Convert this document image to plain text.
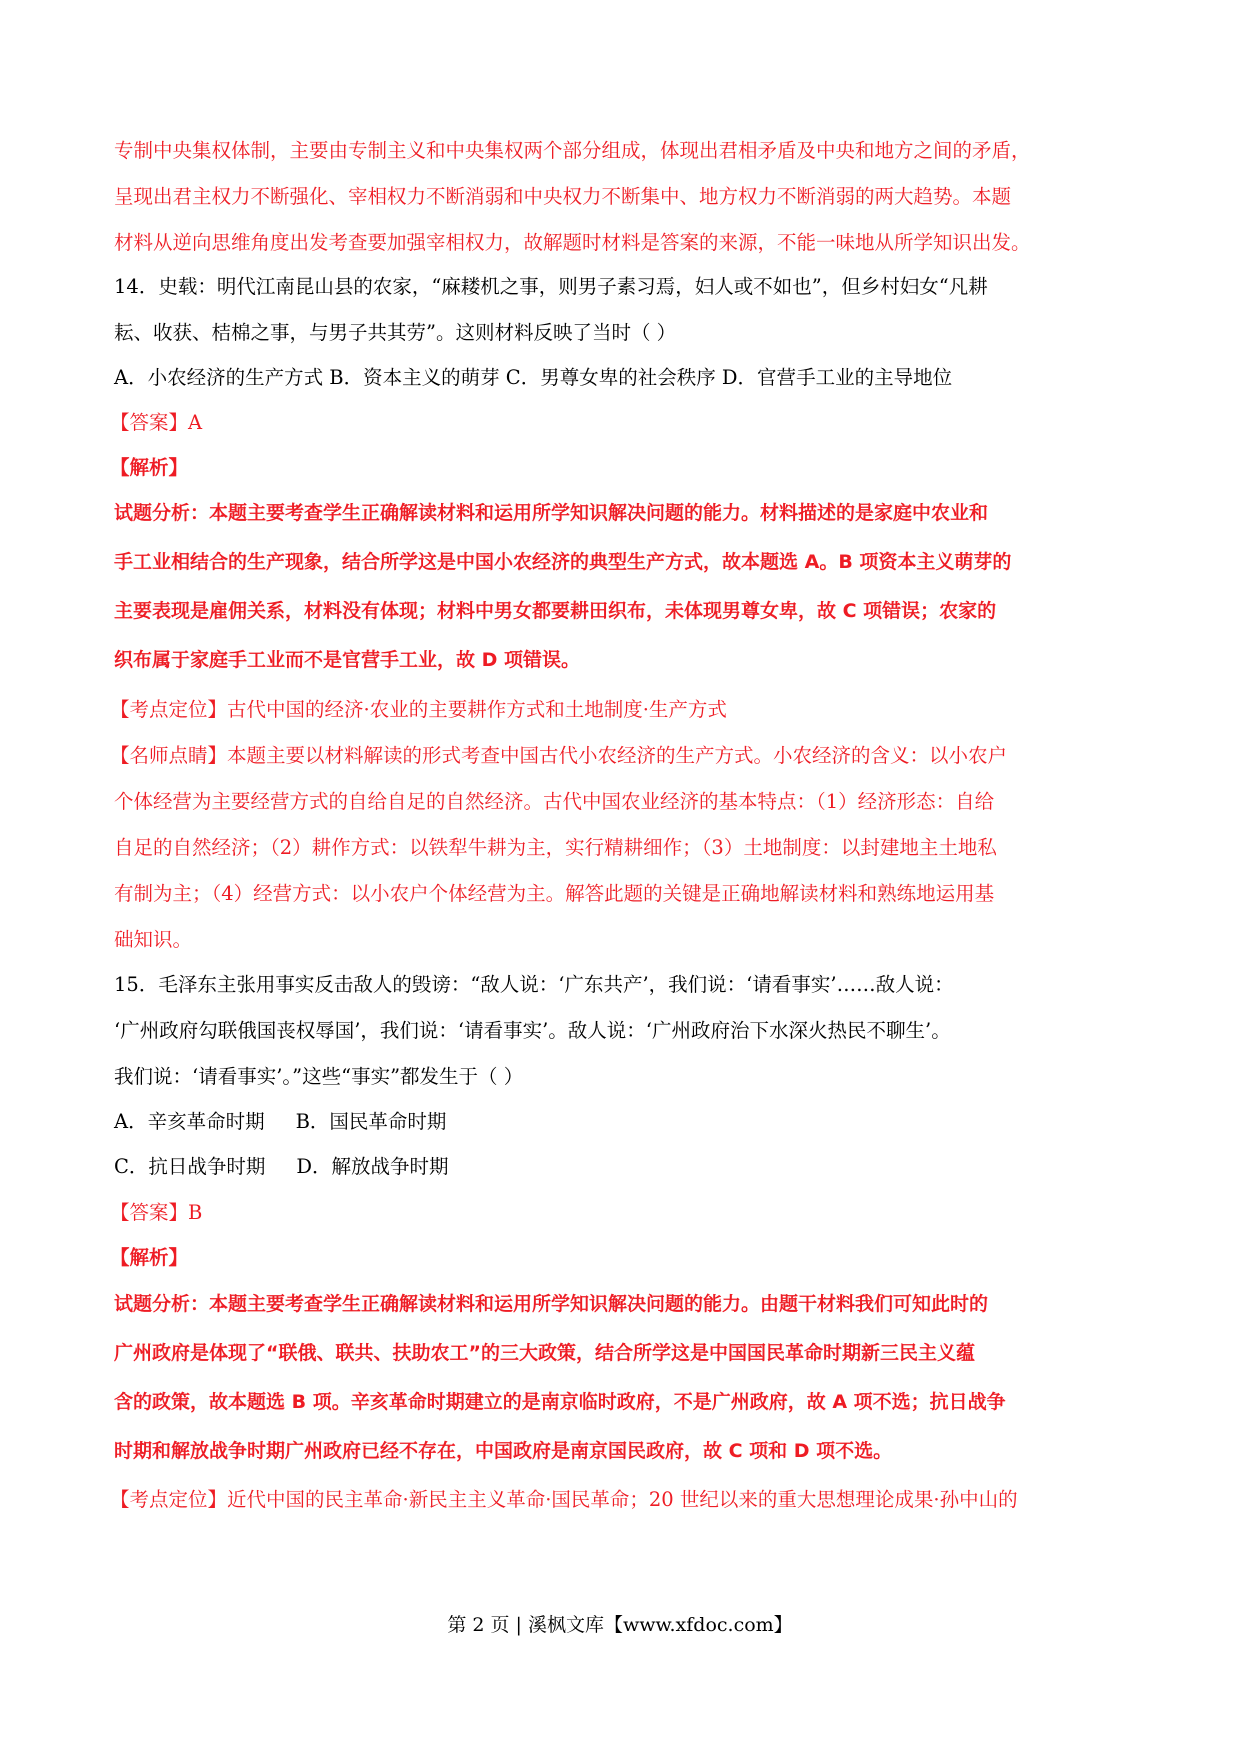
专制中央集权体制，主要由专制主义和中央集权两个部分组成，体现出君相矛盾及中央和地方之间的矛盾，
呈现出君主权力不断强化、宰相权力不断消弱和中央权力不断集中、地方权力不断消弱的两大趋势。本题
材料从逆向思维角度出发考查要加强宰相权力，故解题时材料是答案的来源，不能一味地从所学知识出发。
14．史载：明代江南昆山县的农家，“麻耧机之事，则男子素习焉，妇人或不如也”，但乡村妇女“凡耕
耘、收获、桔棉之事，与男子共其劳”。这则材料反映了当时（ ）
A．小农经济的生产方式 B．资本主义的萌芽 C．男尊女卑的社会秩序 D．官营手工业的主导地位
【答案】A
【解析】
试题分析：本题主要考查学生正确解读材料和运用所学知识解决问题的能力。材料描述的是家庭中农业和
手工业相结合的生产现象，结合所学这是中国小农经济的典型生产方式，故本题选 A。B 项资本主义萌芽的
主要表现是雇佣关系，材料没有体现；材料中男女都要耕田织布，未体现男尊女卑，故 C 项错误；农家的
织布属于家庭手工业而不是官营手工业，故 D 项错误。
【考点定位】古代中国的经济·农业的主要耕作方式和土地制度·生产方式
【名师点睛】本题主要以材料解读的形式考查中国古代小农经济的生产方式。小农经济的含义：以小农户
个体经营为主要经营方式的自给自足的自然经济。古代中国农业经济的基本特点：（1）经济形态：自给
自足的自然经济；（2）耕作方式：以铁犁牛耕为主，实行精耕细作；（3）土地制度：以封建地主土地私
有制为主；（4）经营方式：以小农户个体经营为主。解答此题的关键是正确地解读材料和熟练地运用基
础知识。
15．毛泽东主张用事实反击敌人的毁谤：“敌人说：‘广东共产’，我们说：‘请看事实’……敌人说：
‘广州政府勾联俄国丧权辱国’，我们说：‘请看事实’。敌人说：‘广州政府治下水深火热民不聊生’。
我们说：‘请看事实’。”这些“事实”都发生于（ ）
A．辛亥革命时期     B．国民革命时期
C．抗日战争时期     D．解放战争时期
【答案】B
【解析】
试题分析：本题主要考查学生正确解读材料和运用所学知识解决问题的能力。由题干材料我们可知此时的
广州政府是体现了“联俄、联共、扶助农工”的三大政策，结合所学这是中国国民革命时期新三民主义蕴
含的政策，故本题选 B 项。辛亥革命时期建立的是南京临时政府，不是广州政府，故 A 项不选；抗日战争
时期和解放战争时期广州政府已经不存在，中国政府是南京国民政府，故 C 项和 D 项不选。
【考点定位】近代中国的民主革命·新民主主义革命·国民革命；20 世纪以来的重大思想理论成果·孙中山的
第 2 页 | 溪枫文库【www.xfdoc.com】
